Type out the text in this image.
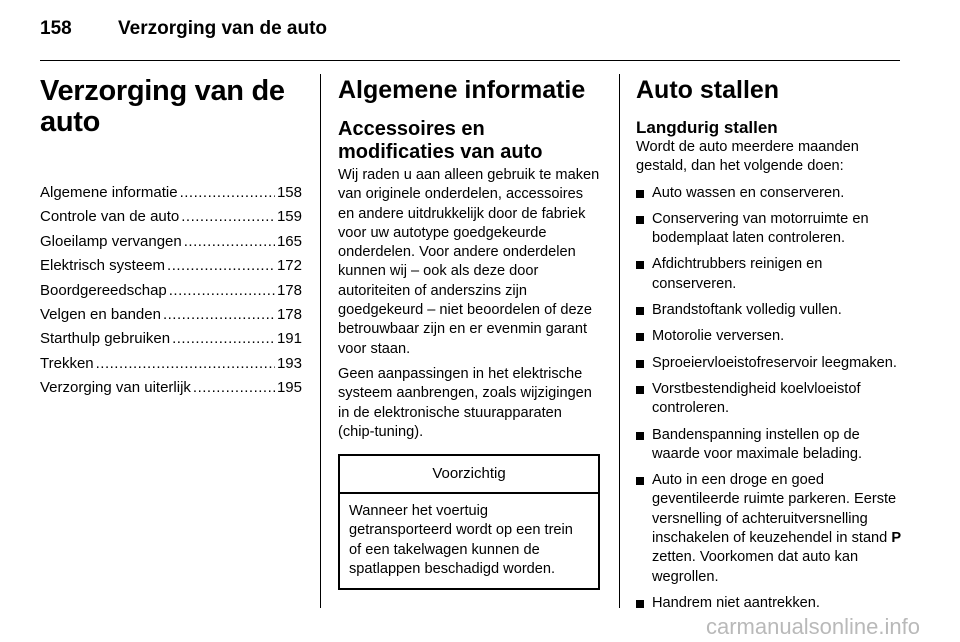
158 Verzorging van de auto
Verzorging van de auto
Algemene informatie .....	158
Controle van de auto .....	159
Gloeilamp vervangen .....	165
Elektrisch systeem .....	172
Boordgereedschap .....	178
Velgen en banden .....	178
Starthulp gebruiken .....	191
Trekken .....	193
Verzorging van uiterlijk .....	195
Algemene informatie
Accessoires en modificaties van auto

Wij raden u aan alleen gebruik te maken van originele onderdelen, accessoires en andere uitdrukkelijk door de fabriek voor uw autotype goedgekeurde onderdelen. Voor andere onderdelen kunnen wij – ook als deze door autoriteiten of anderszins zijn goedgekeurd – niet beoordelen of deze betrouwbaar zijn en er evenmin garant voor staan.

Geen aanpassingen in het elektrische systeem aanbrengen, zoals wijzigingen in de elektronische stuurapparaten (chip-tuning).

Voorzichtig
Wanneer het voertuig getransporteerd wordt op een trein of een takelwagen kunnen de spatlappen beschadigd worden.
Auto stallen
Langdurig stallen

Wordt de auto meerdere maanden gestald, dan het volgende doen:

Auto wassen en conserveren.
Conservering van motorruimte en bodemplaat laten controleren.
Afdichtrubbers reinigen en conserveren.
Brandstoftank volledig vullen.
Motorolie verversen.
Sproeiervloeistofreservoir leegmaken.
Vorstbestendigheid koelvloeistof controleren.
Bandenspanning instellen op de waarde voor maximale belading.
Auto in een droge en goed geventileerde ruimte parkeren. Eerste versnelling of achteruitversnelling inschakelen of keuzehendel in stand P zetten. Voorkomen dat auto kan wegrollen.
Handrem niet aantrekken.
carmanualsonline.info
